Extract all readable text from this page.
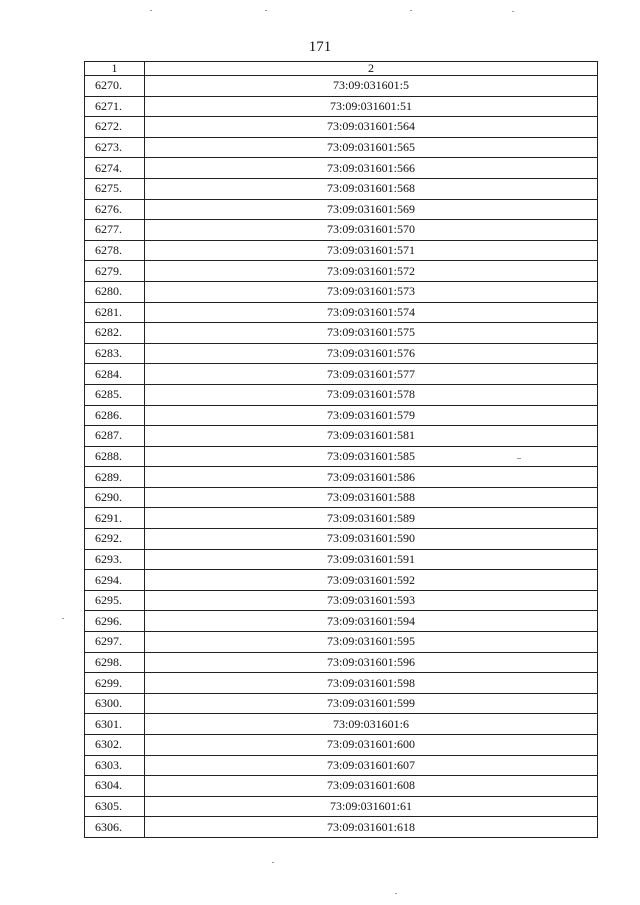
171
1	2
6270.	73:09:031601:5
6271.	73:09:031601:51
6272.	73:09:031601:564
6273.	73:09:031601:565
6274.	73:09:031601:566
6275.	73:09:031601:568
6276.	73:09:031601:569
6277.	73:09:031601:570
6278.	73:09:031601:571
6279.	73:09:031601:572
6280.	73:09:031601:573
6281.	73:09:031601:574
6282.	73:09:031601:575
6283.	73:09:031601:576
6284.	73:09:031601:577
6285.	73:09:031601:578
6286.	73:09:031601:579
6287.	73:09:031601:581
6288.	73:09:031601:585
6289.	73:09:031601:586
6290.	73:09:031601:588
6291.	73:09:031601:589
6292.	73:09:031601:590
6293.	73:09:031601:591
6294.	73:09:031601:592
6295.	73:09:031601:593
6296.	73:09:031601:594
6297.	73:09:031601:595
6298.	73:09:031601:596
6299.	73:09:031601:598
6300.	73:09:031601:599
6301.	73:09:031601:6
6302.	73:09:031601:600
6303.	73:09:031601:607
6304.	73:09:031601:608
6305.	73:09:031601:61
6306.	73:09:031601:618
